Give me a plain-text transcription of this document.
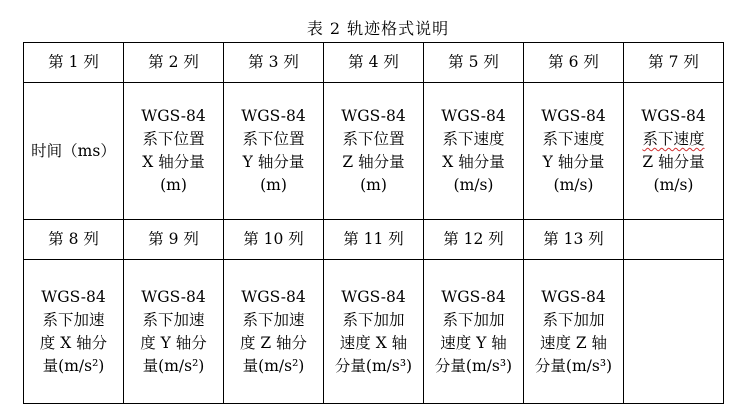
表 2 轨迹格式说明
第 1 列	第 2 列	第 3 列	第 4 列	第 5 列	第 6 列	第 7 列

时间（ms）	WGS-84
系下位置
X 轴分量
(m)	WGS-84
系下位置
Y 轴分量
(m)	WGS-84
系下位置
Z 轴分量
(m)	WGS-84
系下速度
X 轴分量
(m/s)	WGS-84
系下速度
Y 轴分量
(m/s)	WGS-84
系下速度
Z 轴分量
(m/s)

第 8 列	第 9 列	第 10 列	第 11 列	第 12 列	第 13 列	

WGS-84
系下加速
度 X 轴分
量(m/s²)	WGS-84
系下加速
度 Y 轴分
量(m/s²)	WGS-84
系下加速
度 Z 轴分
量(m/s²)	WGS-84
系下加加
速度 X 轴
分量(m/s³)	WGS-84
系下加加
速度 Y 轴
分量(m/s³)	WGS-84
系下加加
速度 Z 轴
分量(m/s³)	
